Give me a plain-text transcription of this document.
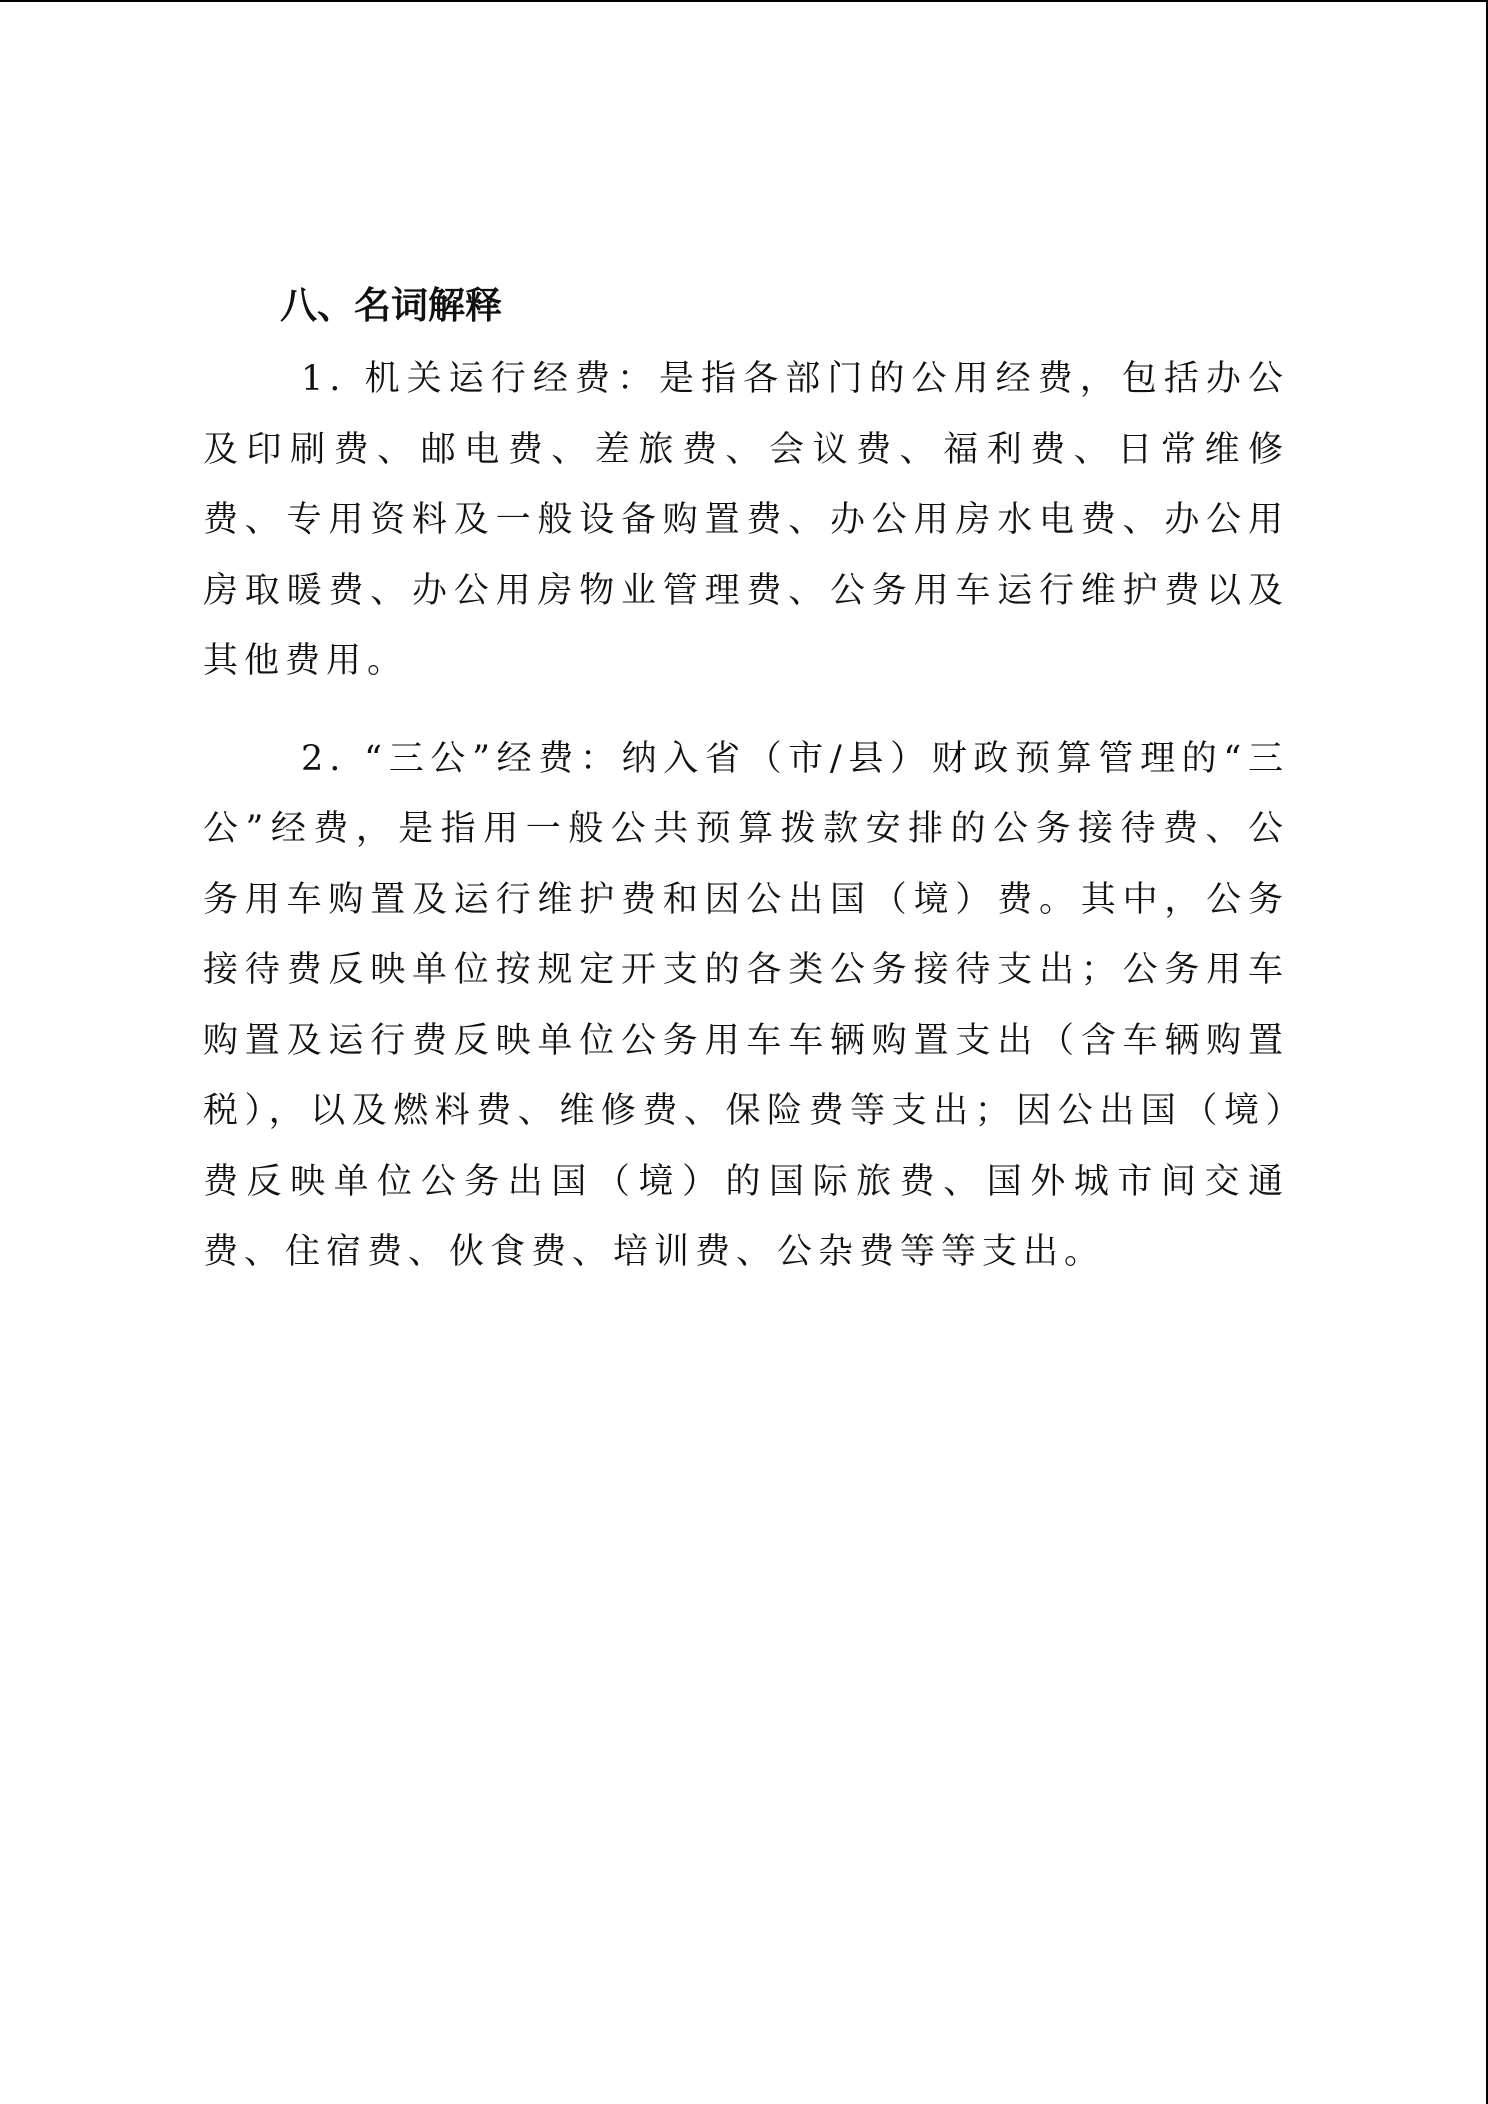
八、名词解释

1. 机关运行经费：是指各部门的公用经费，包括办公及印刷费、邮电费、差旅费、会议费、福利费、日常维修费、专用资料及一般设备购置费、办公用房水电费、办公用房取暖费、办公用房物业管理费、公务用车运行维护费以及其他费用。

2. “三公”经费：纳入省（市/县）财政预算管理的“三公”经费，是指用一般公共预算拨款安排的公务接待费、公务用车购置及运行维护费和因公出国（境）费。其中，公务接待费反映单位按规定开支的各类公务接待支出；公务用车购置及运行费反映单位公务用车车辆购置支出（含车辆购置税），以及燃料费、维修费、保险费等支出；因公出国（境）费反映单位公务出国（境）的国际旅费、国外城市间交通费、住宿费、伙食费、培训费、公杂费等等支出。
